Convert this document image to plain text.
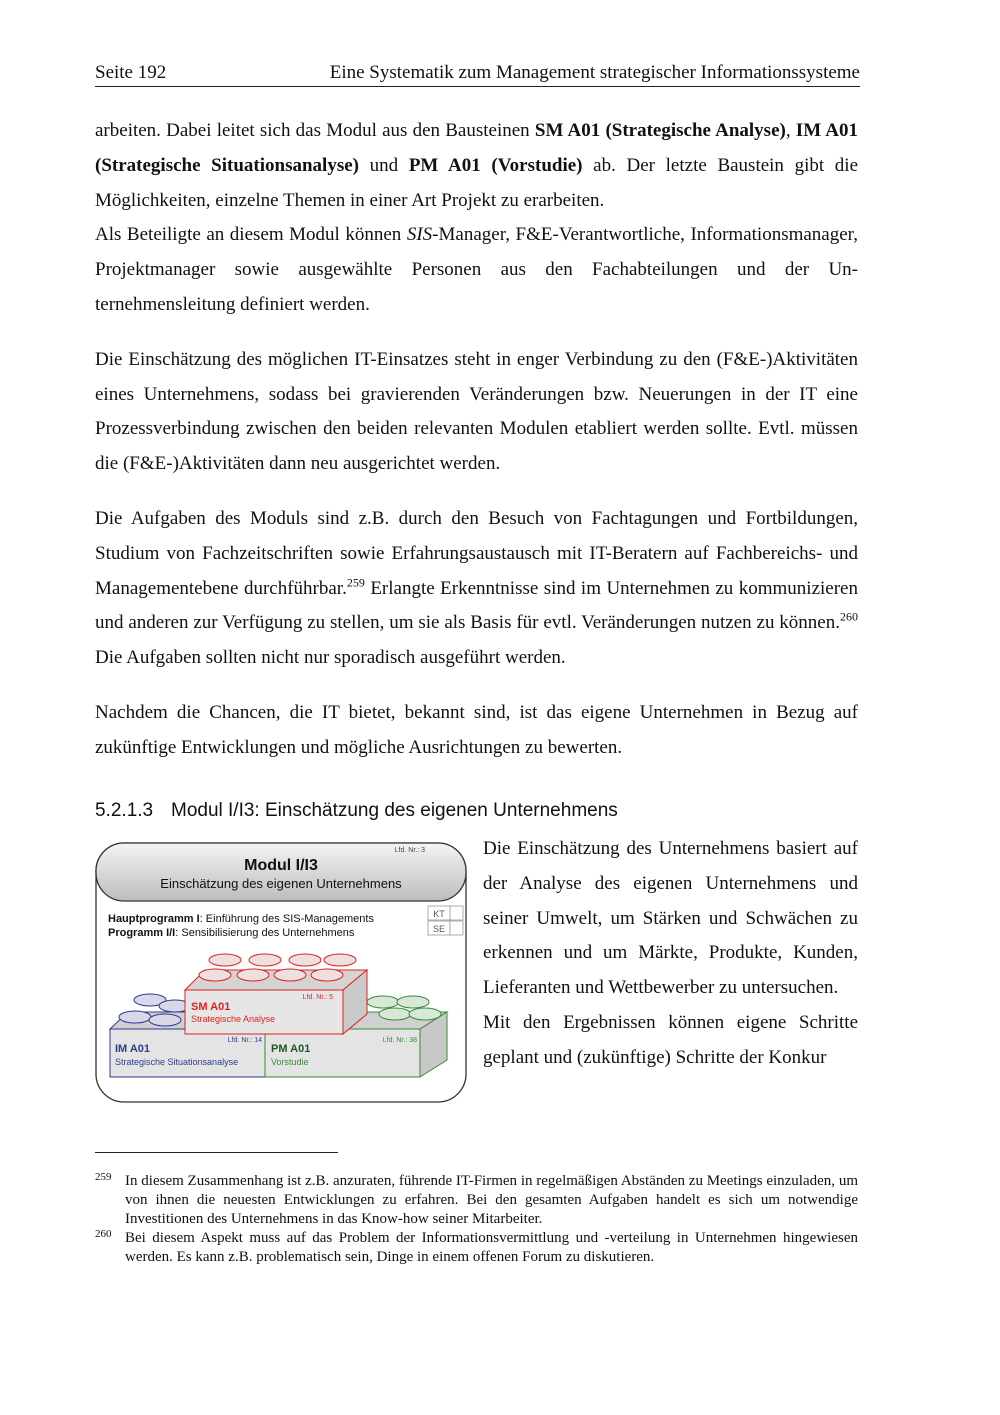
Seite 192	Eine Systematik zum Management strategischer Informationssysteme

arbeiten. Dabei leitet sich das Modul aus den Bausteinen SM A01 (Strategische Analyse), IM A01 (Strategische Situationsanalyse) und PM A01 (Vorstudie) ab. Der letzte Baustein gibt die Möglichkeiten, einzelne Themen in einer Art Projekt zu erarbeiten.

Als Beteiligte an diesem Modul können SIS-Manager, F&E-Verantwortliche, Informationsmanager, Projektmanager sowie ausgewählte Personen aus den Fachabteilungen und der Unternehmensleitung definiert werden.

Die Einschätzung des möglichen IT-Einsatzes steht in enger Verbindung zu den (F&E-)Aktivitäten eines Unternehmens, sodass bei gravierenden Veränderungen bzw. Neuerungen in der IT eine Prozessverbindung zwischen den beiden relevanten Modulen etabliert werden sollte. Evtl. müssen die (F&E-)Aktivitäten dann neu ausgerichtet werden.

Die Aufgaben des Moduls sind z.B. durch den Besuch von Fachtagungen und Fortbildungen, Studium von Fachzeitschriften sowie Erfahrungsaustausch mit IT-Beratern auf Fachbereichs- und Managementebene durchführbar.$^{259}$ Erlangte Erkenntnisse sind im Unternehmen zu kommunizieren und anderen zur Verfügung zu stellen, um sie als Basis für evtl. Veränderungen nutzen zu können.$^{260}$ Die Aufgaben sollten nicht nur sporadisch ausgeführt werden.

Nachdem die Chancen, die IT bietet, bekannt sind, ist das eigene Unternehmen in Bezug auf zukünftige Entwicklungen und mögliche Ausrichtungen zu bewerten.

5.2.1.3 Modul I/I3: Einschätzung des eigenen Unternehmens
Lfd. Nr.: 3
Modul I/I3
Einschätzung des eigenen Unternehmens
Hauptprogramm I: Einführung des SIS-Managements
Programm I/I: Sensibilisierung des Unternehmens
KT
SE
Lfd. Nr.: 5
SM A01
Strategische Analyse
Lfd. Nr.: 14
IM A01
Strategische Situationsanalyse
Lfd. Nr.: 38
PM A01
Vorstudie

Die Einschätzung des Unternehmens basiert auf der Analyse des eigenen Unternehmens und seiner Umwelt, um Stärken und Schwächen zu erkennen und um Märkte, Produkte, Kunden, Lieferanten und Wettbewerber zu untersuchen.

Mit den Ergebnissen können eigene Schritte geplant und (zukünftige) Schritte der Konkur

259 In diesem Zusammenhang ist z.B. anzuraten, führende IT-Firmen in regelmäßigen Abständen zu Meetings einzuladen, um von ihnen die neuesten Entwicklungen zu erfahren. Bei den gesamten Aufgaben handelt es sich um notwendige Investitionen des Unternehmens in das Know-how seiner Mitarbeiter.
260 Bei diesem Aspekt muss auf das Problem der Informationsvermittlung und -verteilung in Unternehmen hingewiesen werden. Es kann z.B. problematisch sein, Dinge in einem offenen Forum zu diskutieren.
